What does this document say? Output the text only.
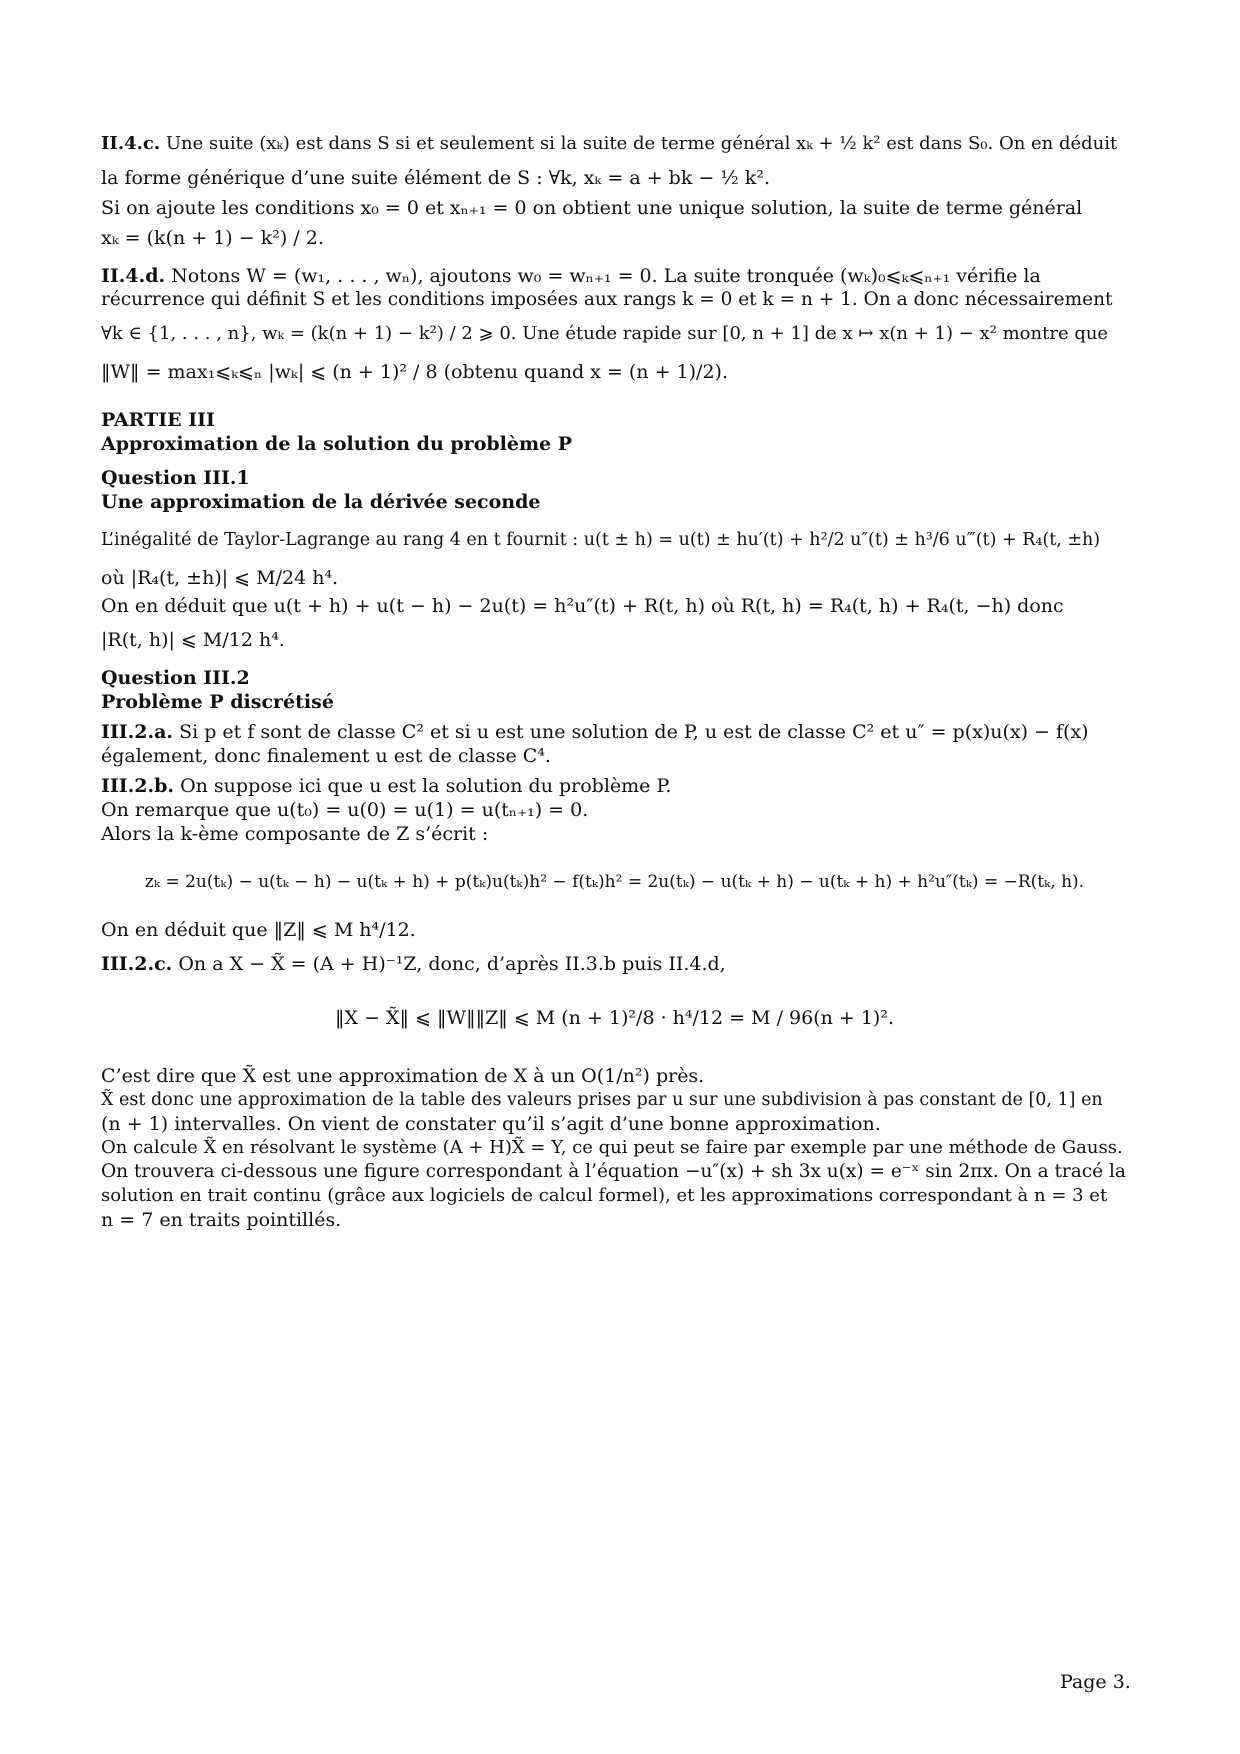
II.4.c. Une suite (xₖ) est dans S si et seulement si la suite de terme général xₖ + ½ k² est dans S₀. On en déduit

la forme générique d’une suite élément de S : ∀k, xₖ = a + bk − ½ k².

Si on ajoute les conditions x₀ = 0 et xₙ₊₁ = 0 on obtient une unique solution, la suite de terme général

xₖ = (k(n + 1) − k²) / 2.

II.4.d. Notons W = (w₁, . . . , wₙ), ajoutons w₀ = wₙ₊₁ = 0. La suite tronquée (wₖ)₀⩽ₖ⩽ₙ₊₁ vérifie la

récurrence qui définit S et les conditions imposées aux rangs k = 0 et k = n + 1. On a donc nécessairement

∀k ∈ {1, . . . , n}, wₖ = (k(n + 1) − k²) / 2 ⩾ 0. Une étude rapide sur [0, n + 1] de x ↦ x(n + 1) − x² montre que

‖W‖ = max₁⩽ₖ⩽ₙ |wₖ| ⩽ (n + 1)² / 8 (obtenu quand x = (n + 1)/2).

PARTIE III

Approximation de la solution du problème P

Question III.1

Une approximation de la dérivée seconde

L’inégalité de Taylor-Lagrange au rang 4 en t fournit : u(t ± h) = u(t) ± hu′(t) + h²/2 u″(t) ± h³/6 u‴(t) + R₄(t, ±h)

où |R₄(t, ±h)| ⩽ M/24 h⁴.

On en déduit que u(t + h) + u(t − h) − 2u(t) = h²u″(t) + R(t, h) où R(t, h) = R₄(t, h) + R₄(t, −h) donc

|R(t, h)| ⩽ M/12 h⁴.

Question III.2

Problème P discrétisé

III.2.a. Si p et f sont de classe C² et si u est une solution de P, u est de classe C² et u″ = p(x)u(x) − f(x)

également, donc finalement u est de classe C⁴.

III.2.b. On suppose ici que u est la solution du problème P.

On remarque que u(t₀) = u(0) = u(1) = u(tₙ₊₁) = 0.

Alors la k-ème composante de Z s’écrit :

zₖ = 2u(tₖ) − u(tₖ − h) − u(tₖ + h) + p(tₖ)u(tₖ)h² − f(tₖ)h² = 2u(tₖ) − u(tₖ + h) − u(tₖ + h) + h²u″(tₖ) = −R(tₖ, h).

On en déduit que ‖Z‖ ⩽ M h⁴/12.

III.2.c. On a X − X̃ = (A + H)⁻¹Z, donc, d’après II.3.b puis II.4.d,

‖X − X̃‖ ⩽ ‖W‖‖Z‖ ⩽ M (n + 1)²/8 · h⁴/12 = M / 96(n + 1)².

C’est dire que X̃ est une approximation de X à un O(1/n²) près.

X̃ est donc une approximation de la table des valeurs prises par u sur une subdivision à pas constant de [0, 1] en

(n + 1) intervalles. On vient de constater qu’il s’agit d’une bonne approximation.

On calcule X̃ en résolvant le système (A + H)X̃ = Y, ce qui peut se faire par exemple par une méthode de Gauss.

On trouvera ci-dessous une figure correspondant à l’équation −u″(x) + sh 3x u(x) = e⁻ˣ sin 2πx. On a tracé la

solution en trait continu (grâce aux logiciels de calcul formel), et les approximations correspondant à n = 3 et

n = 7 en traits pointillés.

Page 3.
